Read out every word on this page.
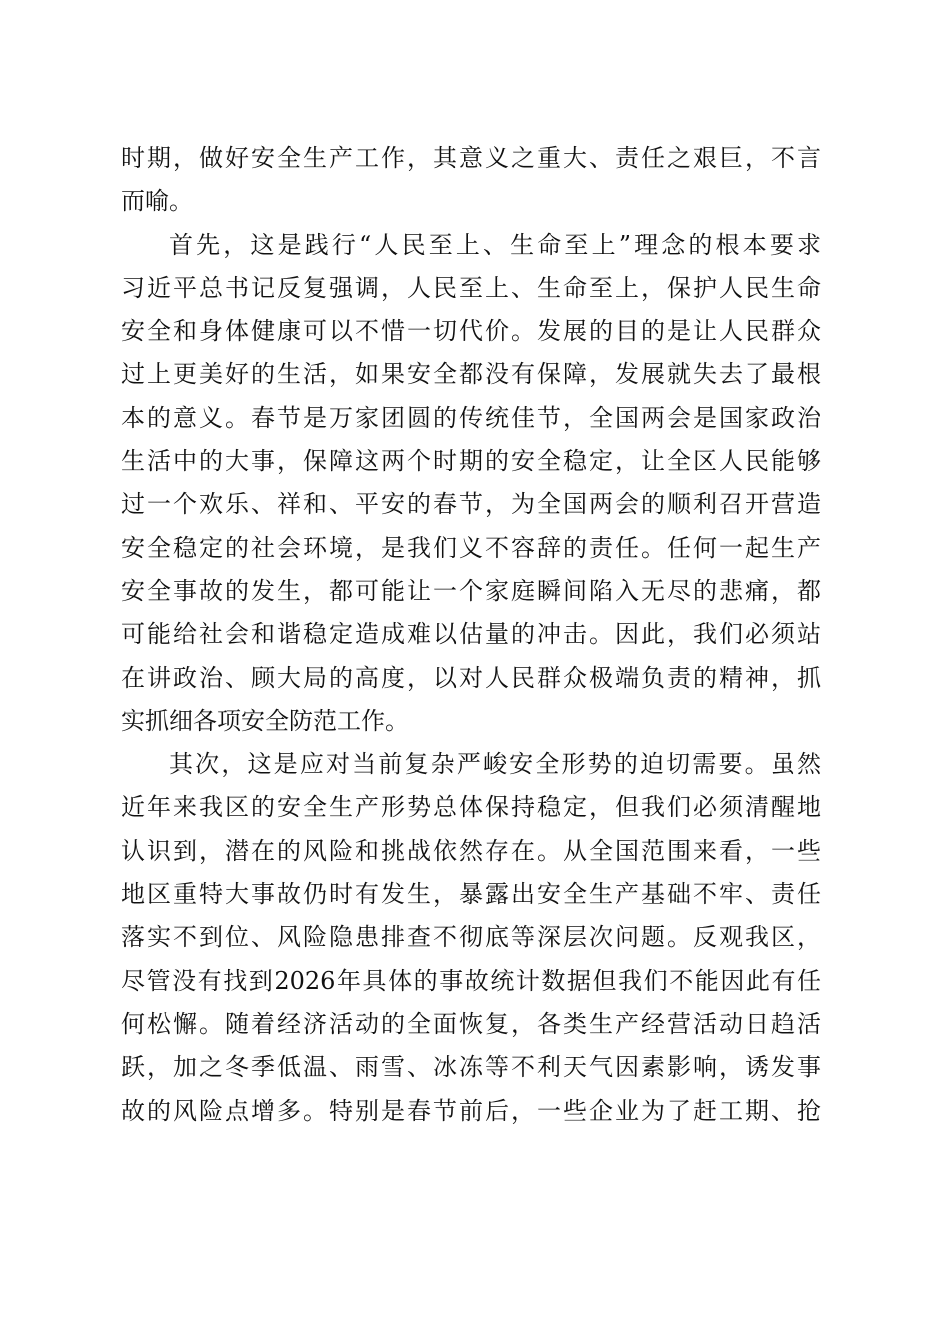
时期，做好安全生产工作，其意义之重大、责任之艰巨，不言
而喻。
首先，这是践行“人民至上、生命至上”理念的根本要求
习近平总书记反复强调，人民至上、生命至上，保护人民生命
安全和身体健康可以不惜一切代价。发展的目的是让人民群众
过上更美好的生活，如果安全都没有保障，发展就失去了最根
本的意义。春节是万家团圆的传统佳节，全国两会是国家政治
生活中的大事，保障这两个时期的安全稳定，让全区人民能够
过一个欢乐、祥和、平安的春节，为全国两会的顺利召开营造
安全稳定的社会环境，是我们义不容辞的责任。任何一起生产
安全事故的发生，都可能让一个家庭瞬间陷入无尽的悲痛，都
可能给社会和谐稳定造成难以估量的冲击。因此，我们必须站
在讲政治、顾大局的高度，以对人民群众极端负责的精神，抓
实抓细各项安全防范工作。
其次，这是应对当前复杂严峻安全形势的迫切需要。虽然
近年来我区的安全生产形势总体保持稳定，但我们必须清醒地
认识到，潜在的风险和挑战依然存在。从全国范围来看，一些
地区重特大事故仍时有发生，暴露出安全生产基础不牢、责任
落实不到位、风险隐患排查不彻底等深层次问题。反观我区，
尽管没有找到2026年具体的事故统计数据但我们不能因此有任
何松懈。随着经济活动的全面恢复，各类生产经营活动日趋活
跃，加之冬季低温、雨雪、冰冻等不利天气因素影响，诱发事
故的风险点增多。特别是春节前后，一些企业为了赶工期、抢
